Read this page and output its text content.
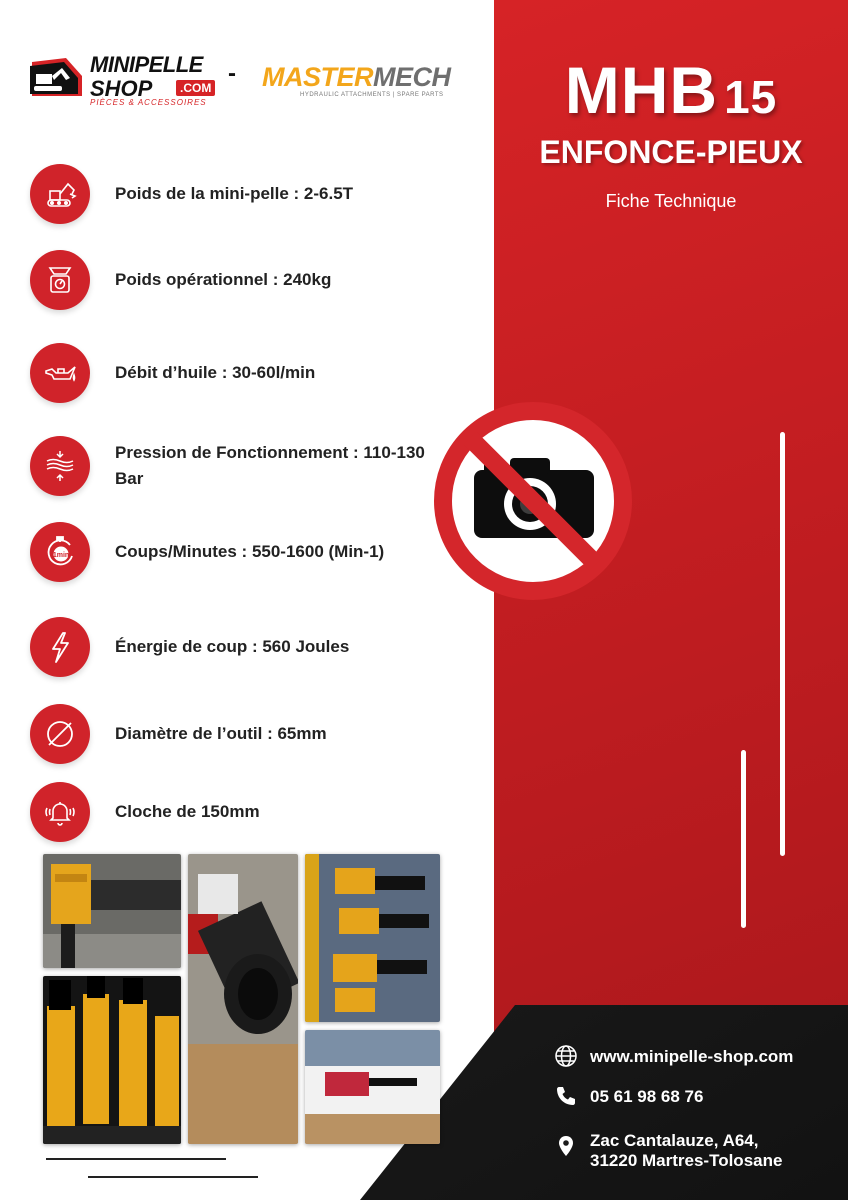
MINIPELLE
SHOP	.COM
PIÈCES & ACCESSOIRES
- MASTERMECH
HYDRAULIC ATTACHMENTS | SPARE PARTS	MHB 15
ENFONCE-PIEUX
Fiche Technique
Poids de la mini-pelle : 2-6.5T
Poids opérationnel : 240kg
Débit d’huile : 30-60l/min
Pression de Fonctionnement : 110-130 Bar
1min	Coups/Minutes : 550-1600 (Min-1)
Énergie de coup : 560 Joules
Diamètre de l’outil : 65mm
Cloche de 150mm
www.minipelle-shop.com
05 61 98 68 76
Zac Cantalauze, A64,
31220 Martres-Tolosane
